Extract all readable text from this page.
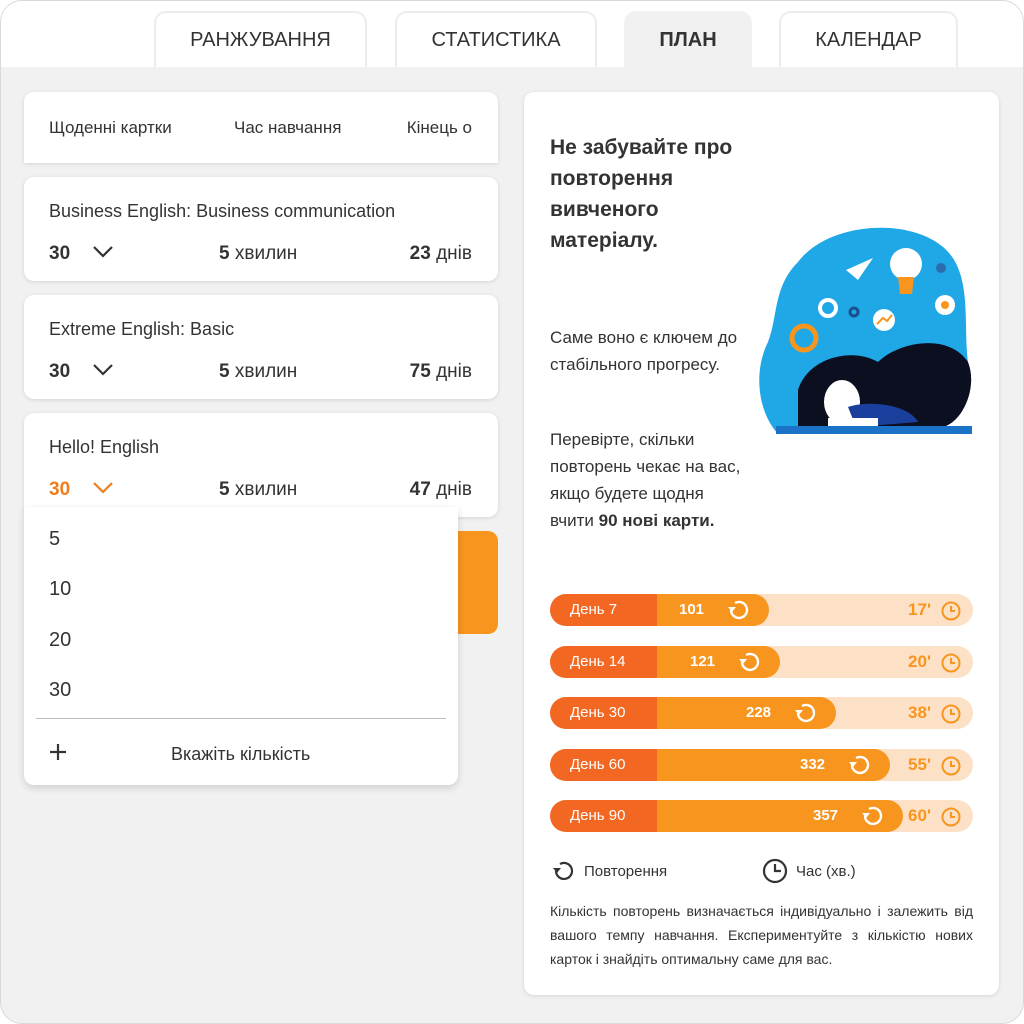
РАНЖУВАННЯ	СТАТИСТИКА	ПЛАН	КАЛЕНДАР
Щоденні картки	Час навчання	Кінець о
Business English: Business communication
30	5 хвилин	23 днів
Extreme English: Basic
30	5 хвилин	75 днів
Hello! English
30	5 хвилин	47 днів
5
10
20
30
Вкажіть кількість
Не забувайте про повторення вивченого матеріалу.
Саме воно є ключем до стабільного прогресу.
Перевірте, скільки повторень чекає на вас, якщо будете щодня вчити 90 нові карти.
День 7	101	17'
День 14	121	20'
День 30	228	38'
День 60	332	55'
День 90	357	60'
Повторення	Час (хв.)
Кількість повторень визначається індивідуально і залежить від вашого темпу навчання. Експериментуйте з кількістю нових карток і знайдіть оптимальну саме для вас.
